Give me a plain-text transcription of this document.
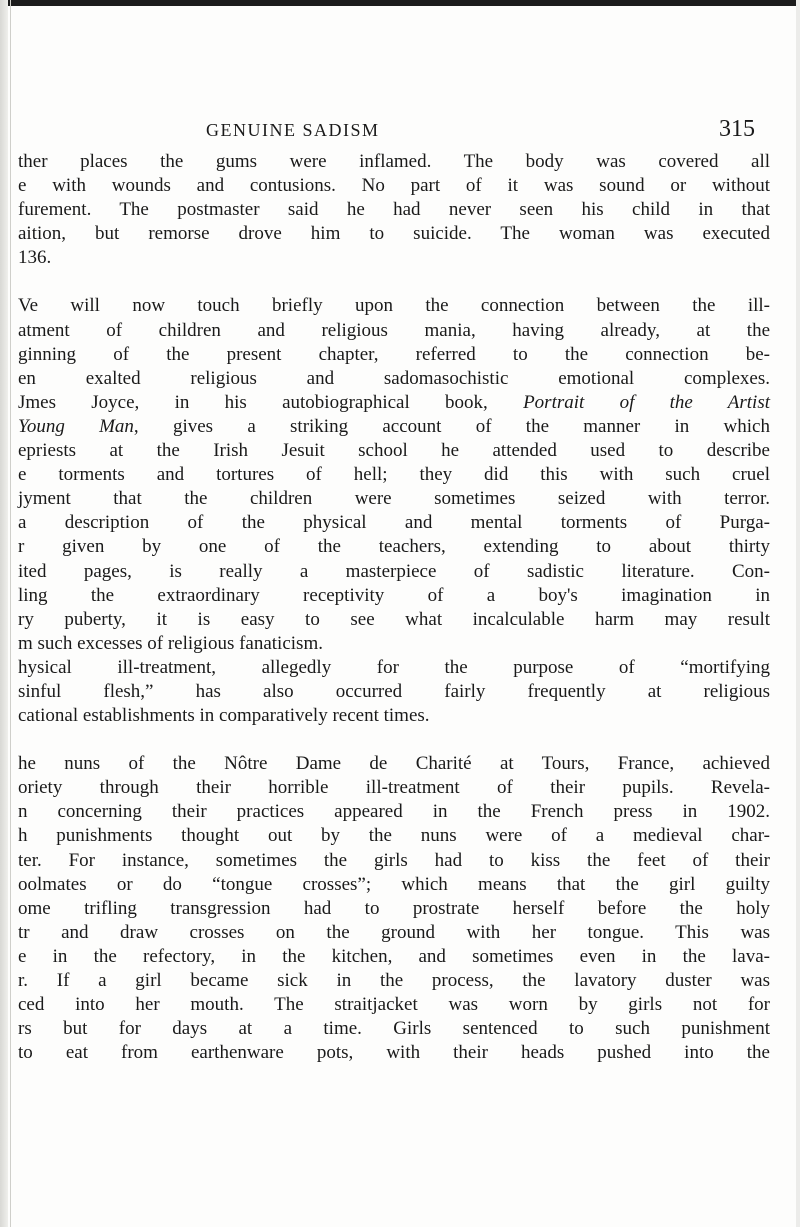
GENUINE SADISM	315
ther places the gums were inflamed. The body was covered all
e with wounds and contusions. No part of it was sound or without
furement. The postmaster said he had never seen his child in that
aition, but remorse drove him to suicide. The woman was executed
136.
Ve will now touch briefly upon the connection between the ill-
atment of children and religious mania, having already, at the
ginning of the present chapter, referred to the connection be-
en exalted religious and sadomasochistic emotional complexes.
Jmes Joyce, in his autobiographical book, Portrait of the Artist
Young Man, gives a striking account of the manner in which
epriests at the Irish Jesuit school he attended used to describe
e torments and tortures of hell; they did this with such cruel
jyment that the children were sometimes seized with terror.
a description of the physical and mental torments of Purga-
r given by one of the teachers, extending to about thirty
ited pages, is really a masterpiece of sadistic literature. Con-
ling the extraordinary receptivity of a boy's imagination in
ry puberty, it is easy to see what incalculable harm may result
m such excesses of religious fanaticism.
hysical ill-treatment, allegedly for the purpose of “mortifying
sinful flesh,” has also occurred fairly frequently at religious
cational establishments in comparatively recent times.
he nuns of the Nôtre Dame de Charité at Tours, France, achieved
oriety through their horrible ill-treatment of their pupils. Revela-
n concerning their practices appeared in the French press in 1902.
h punishments thought out by the nuns were of a medieval char-
ter. For instance, sometimes the girls had to kiss the feet of their
oolmates or do “tongue crosses”; which means that the girl guilty
ome trifling transgression had to prostrate herself before the holy
tr and draw crosses on the ground with her tongue. This was
e in the refectory, in the kitchen, and sometimes even in the lava-
r. If a girl became sick in the process, the lavatory duster was
ced into her mouth. The straitjacket was worn by girls not for
rs but for days at a time. Girls sentenced to such punishment
to eat from earthenware pots, with their heads pushed into the
